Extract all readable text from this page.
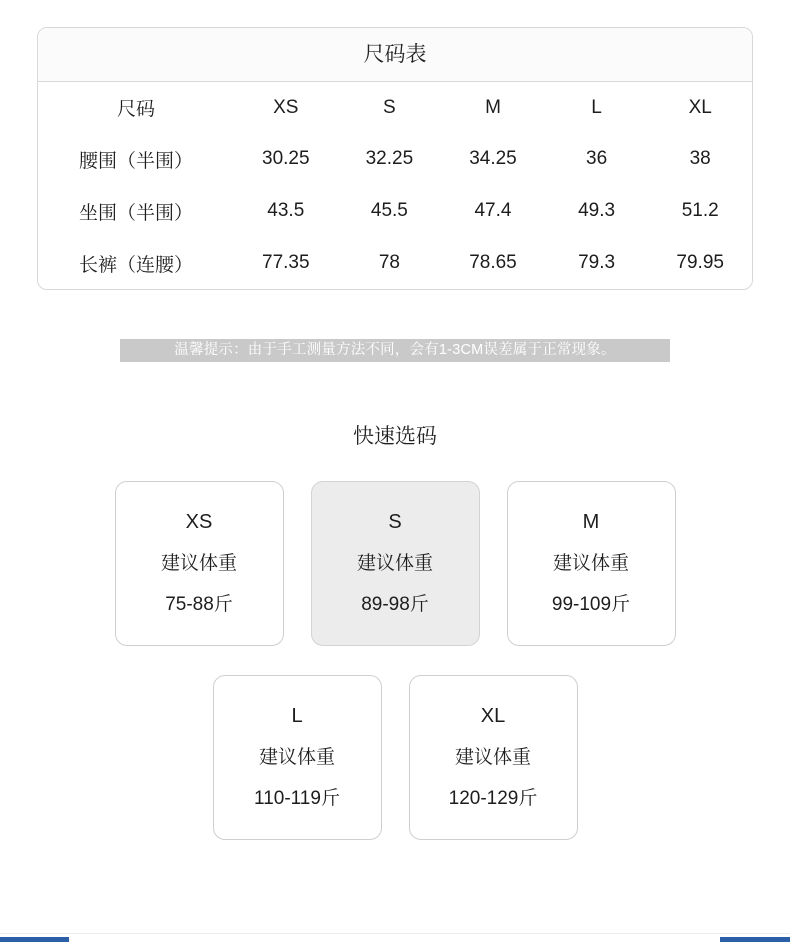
尺码表
尺码	XS	S	M	L	XL
腰围（半围）	30.25	32.25	34.25	36	38
坐围（半围）	43.5	45.5	47.4	49.3	51.2
长裤（连腰）	77.35	78	78.65	79.3	79.95
温馨提示：由于手工测量方法不同，会有1-3CM误差属于正常现象。
快速选码
XS
建议体重
75-88斤
S
建议体重
89-98斤
M
建议体重
99-109斤
L
建议体重
110-119斤
XL
建议体重
120-129斤
